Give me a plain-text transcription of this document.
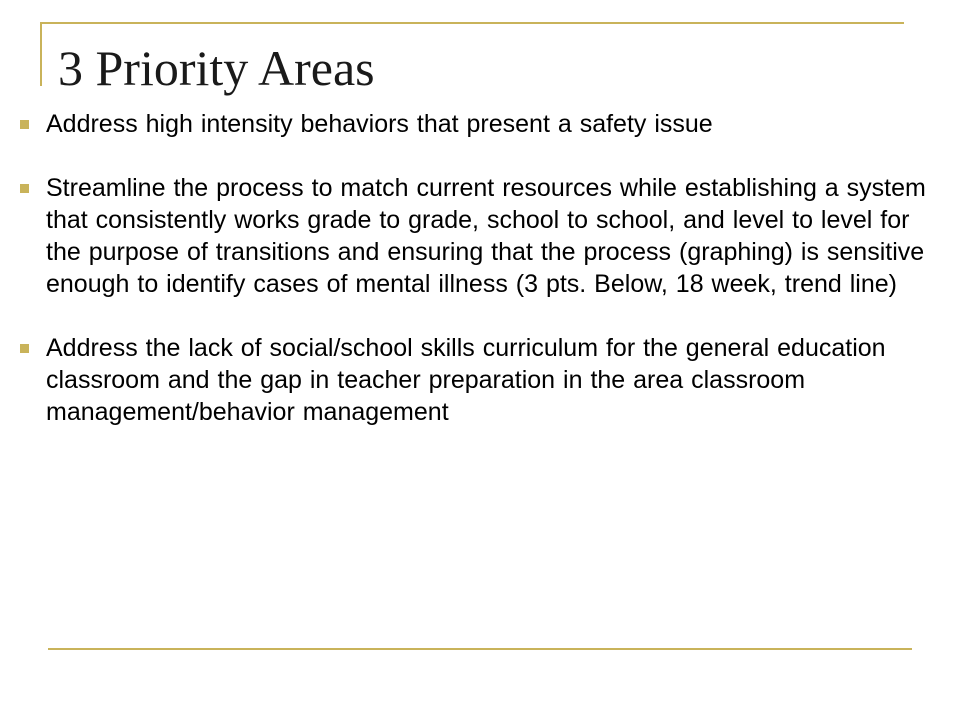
3 Priority Areas
Address high intensity behaviors that present a safety issue
Streamline the process to match current resources while establishing a system that consistently works grade to grade, school to school, and level to level for the purpose of transitions and ensuring that the process (graphing) is sensitive enough to identify cases of mental illness (3 pts. Below, 18 week, trend line)
Address the lack of social/school skills curriculum for the general education classroom and the gap in teacher preparation in the area classroom management/behavior management
